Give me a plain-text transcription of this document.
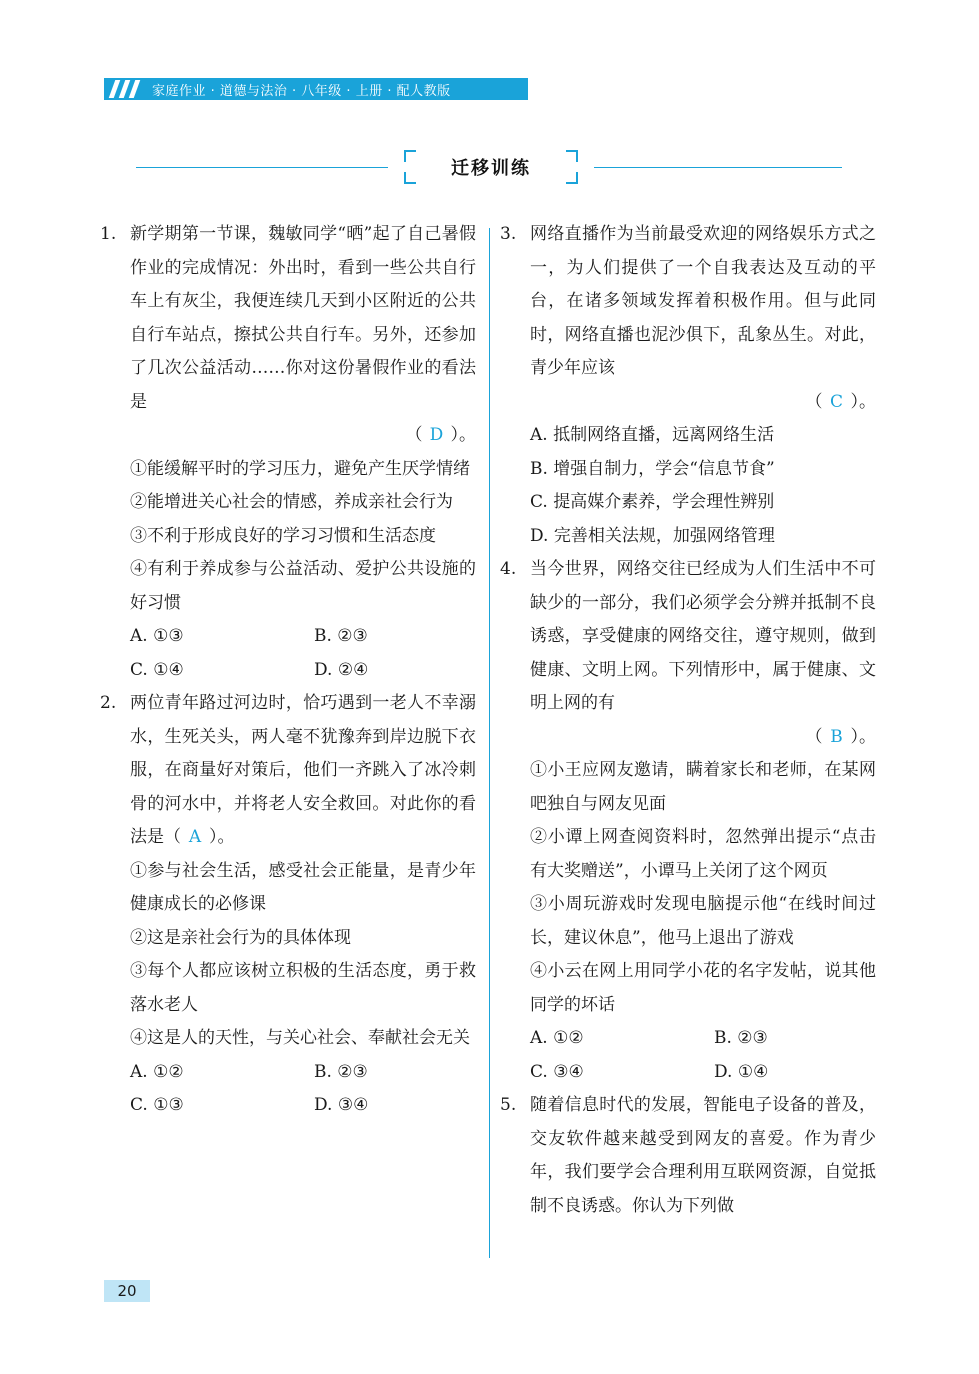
家庭作业 · 道德与法治 · 八年级 · 上册 · 配人教版
迁移训练
1. 新学期第一节课，魏敏同学“晒”起了自己暑假作业的完成情况：外出时，看到一些公共自行车上有灰尘，我便连续几天到小区附近的公共自行车站点，擦拭公共自行车。另外，还参加了几次公益活动……你对这份暑假作业的看法是
（ D ）。
①能缓解平时的学习压力，避免产生厌学情绪
②能增进关心社会的情感，养成亲社会行为
③不利于形成良好的学习习惯和生活态度
④有利于养成参与公益活动、爱护公共设施的好习惯
A. ①③	B. ②③
C. ①④	D. ②④
2. 两位青年路过河边时，恰巧遇到一老人不幸溺水，生死关头，两人毫不犹豫奔到岸边脱下衣服，在商量好对策后，他们一齐跳入了冰冷刺骨的河水中，并将老人安全救回。对此你的看法是（ A ）。
①参与社会生活，感受社会正能量，是青少年健康成长的必修课
②这是亲社会行为的具体体现
③每个人都应该树立积极的生活态度，勇于救落水老人
④这是人的天性，与关心社会、奉献社会无关
A. ①②	B. ②③
C. ①③	D. ③④
3. 网络直播作为当前最受欢迎的网络娱乐方式之一，为人们提供了一个自我表达及互动的平台，在诸多领域发挥着积极作用。但与此同时，网络直播也泥沙俱下，乱象丛生。对此，青少年应该
（ C ）。
A. 抵制网络直播，远离网络生活
B. 增强自制力，学会“信息节食”
C. 提高媒介素养，学会理性辨别
D. 完善相关法规，加强网络管理
4. 当今世界，网络交往已经成为人们生活中不可缺少的一部分，我们必须学会分辨并抵制不良诱惑，享受健康的网络交往，遵守规则，做到健康、文明上网。下列情形中，属于健康、文明上网的有
（ B ）。
①小王应网友邀请，瞒着家长和老师，在某网吧独自与网友见面
②小谭上网查阅资料时，忽然弹出提示“点击有大奖赠送”，小谭马上关闭了这个网页
③小周玩游戏时发现电脑提示他“在线时间过长，建议休息”，他马上退出了游戏
④小云在网上用同学小花的名字发帖，说其他同学的坏话
A. ①②	B. ②③
C. ③④	D. ①④
5. 随着信息时代的发展，智能电子设备的普及，交友软件越来越受到网友的喜爱。作为青少年，我们要学会合理利用互联网资源，自觉抵制不良诱惑。你认为下列做
20
